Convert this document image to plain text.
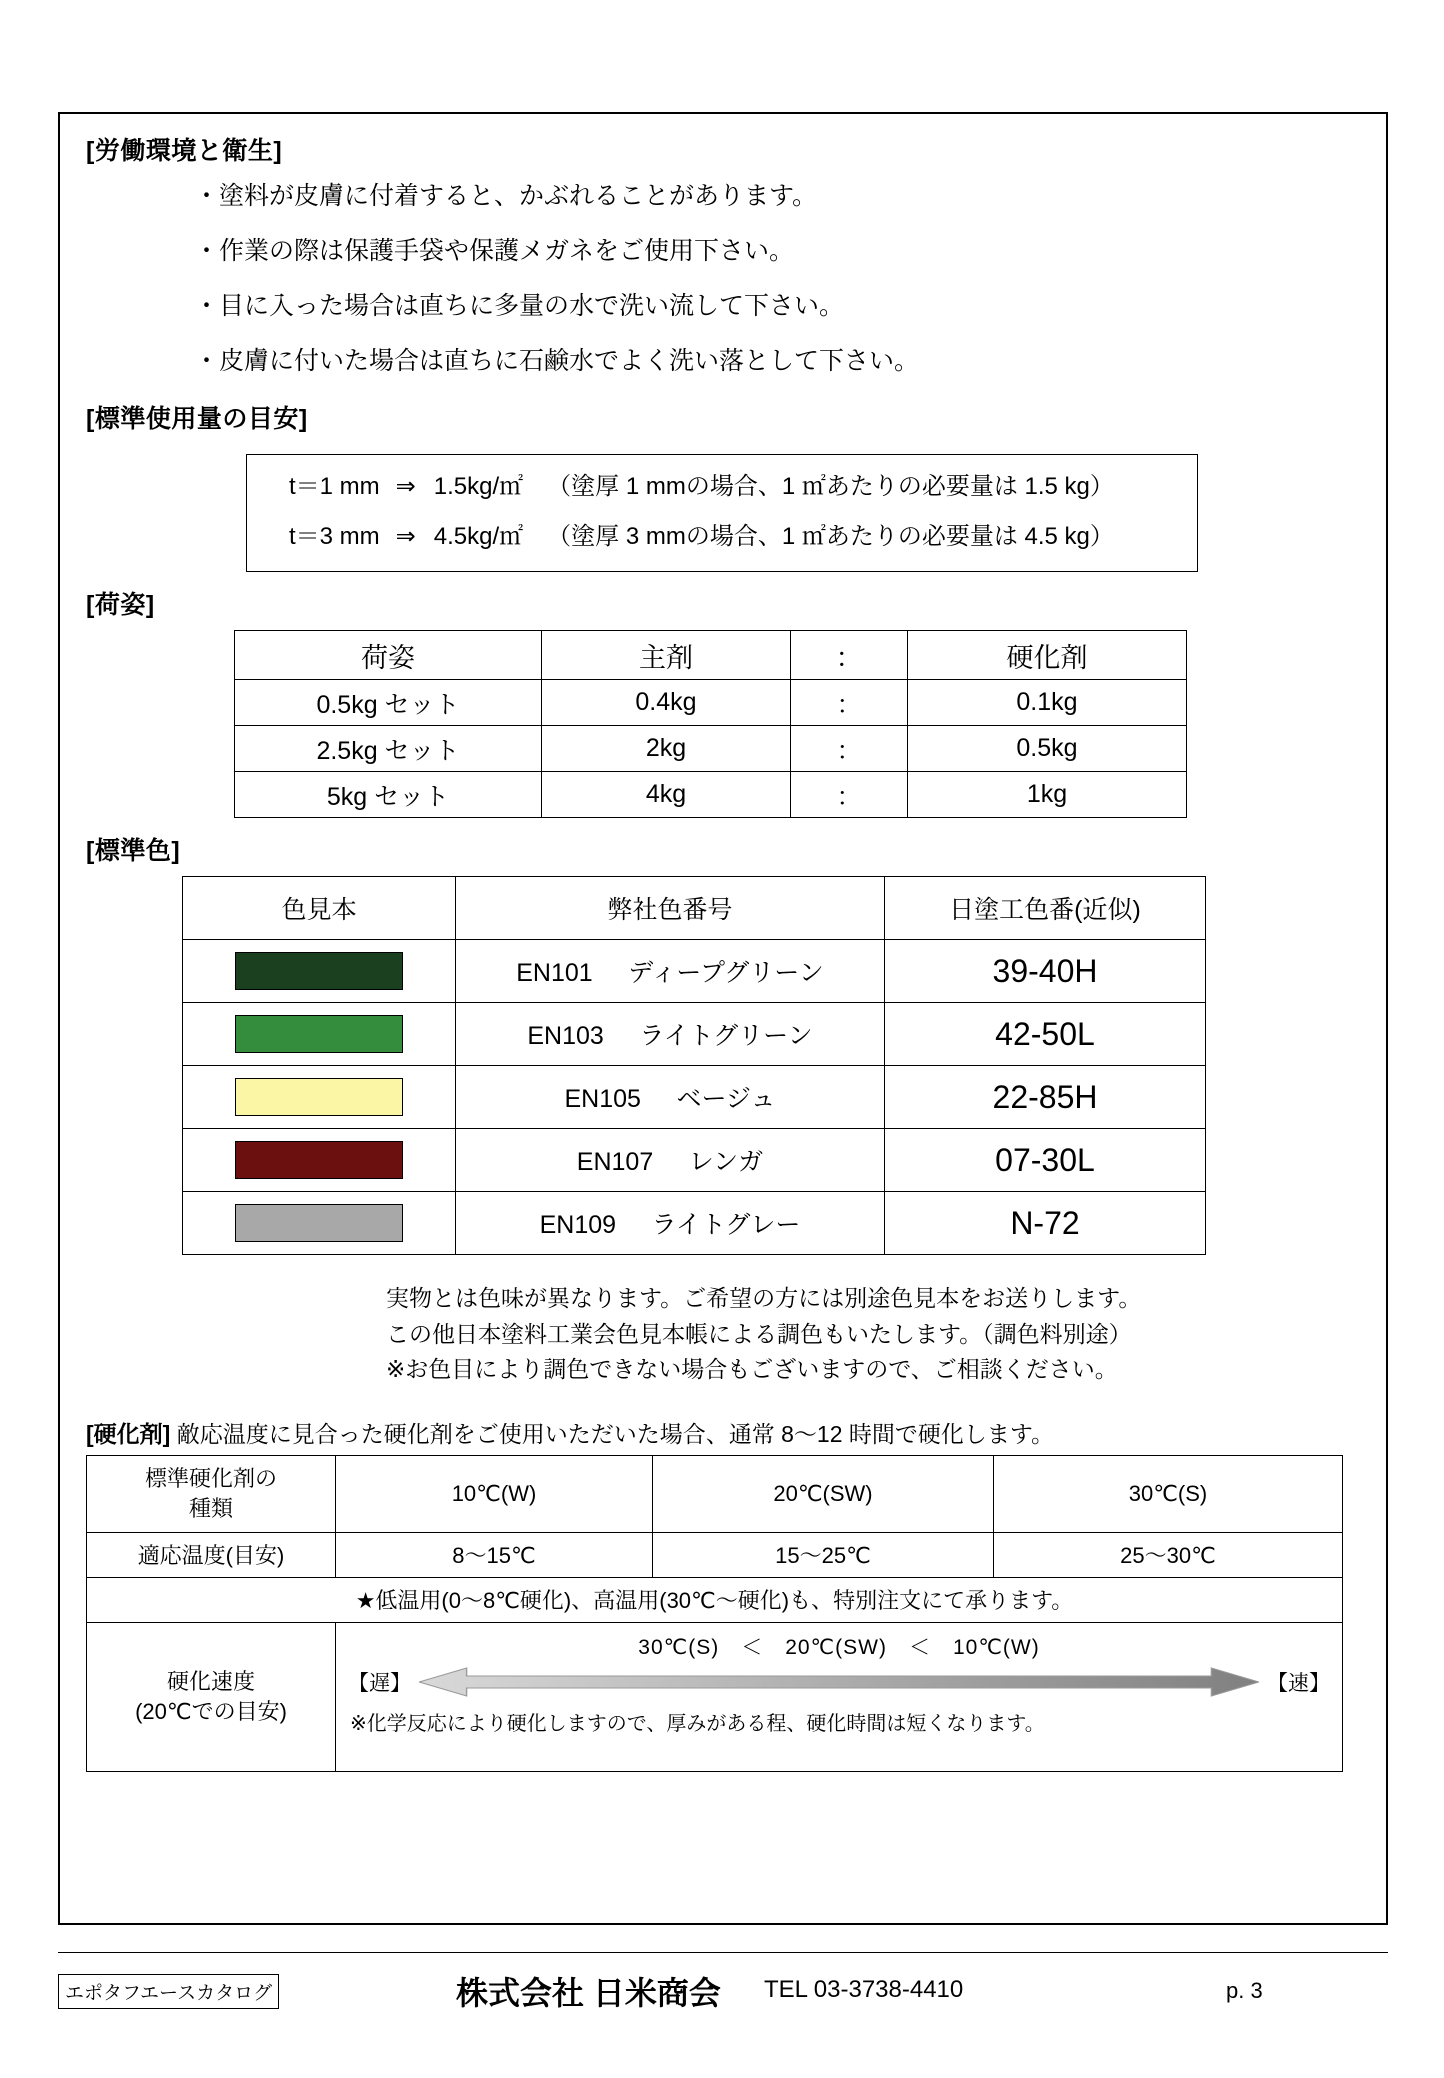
[労働環境と衛生]
・塗料が皮膚に付着すると、かぶれることがあります。
・作業の際は保護手袋や保護メガネをご使用下さい。
・目に入った場合は直ちに多量の水で洗い流して下さい。
・皮膚に付いた場合は直ちに石鹸水でよく洗い落として下さい。
[標準使用量の目安]
t＝1 mm ⇒ 1.5kg/㎡ （塗厚 1 mmの場合、1 ㎡あたりの必要量は 1.5 kg）
t＝3 mm ⇒ 4.5kg/㎡ （塗厚 3 mmの場合、1 ㎡あたりの必要量は 4.5 kg）
[荷姿]
荷姿	主剤	：	硬化剤
0.5kg セット	0.4kg	：	0.1kg
2.5kg セット	2kg	：	0.5kg
5kg セット	4kg	：	1kg
[標準色]
色見本	弊社色番号	日塗工色番(近似)

	EN101 ディープグリーン	39-40H

	EN103 ライトグリーン	42-50L

	EN105 ベージュ	22-85H

	EN107 レンガ	07-30L

	EN109 ライトグレー	N-72
実物とは色味が異なります。ご希望の方には別途色見本をお送りします。
この他日本塗料工業会色見本帳による調色もいたします。（調色料別途）
※お色目により調色できない場合もございますので、ご相談ください。
[硬化剤] 敵応温度に見合った硬化剤をご使用いただいた場合、通常 8～12 時間で硬化します。
標準硬化剤の
種類	10℃(W)	20℃(SW)	30℃(S)
適応温度(目安)	8～15℃	15～25℃	25～30℃
★低温用(0～8℃硬化)、高温用(30℃～硬化)も、特別注文にて承ります。			

硬化速度
(20℃での目安)

30℃(S)　＜　20℃(SW)　＜　10℃(W)
【遅】	【速】
※化学反応により硬化しますので、厚みがある程、硬化時間は短くなります。
エポタフエースカタログ	株式会社 日米商会 TEL 03-3738-4410	p. 3
